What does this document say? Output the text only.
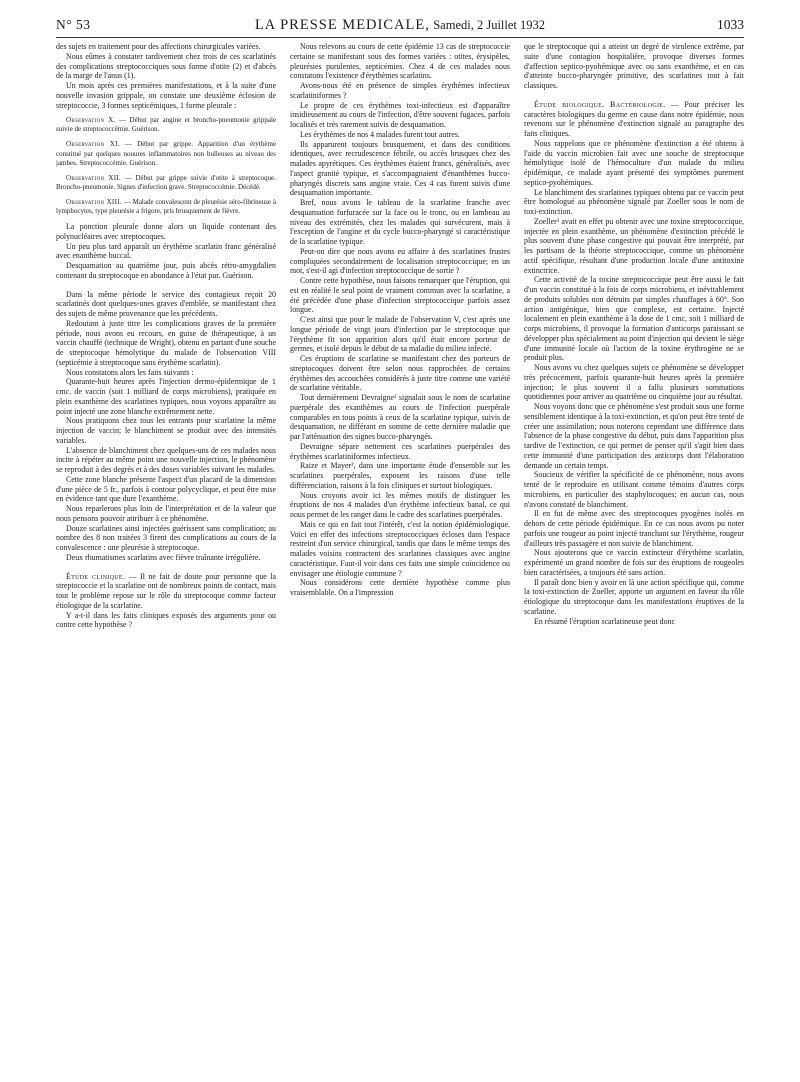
N° 53	LA PRESSE MEDICALE, Samedi, 2 Juillet 1932	1033

des sujets en traitement pour des affections chirurgicales variées.

Nous eûmes à constater tardivement chez trois de ces scarlatinés des complications streptococciques sous forme d'otite (2) et d'abcès de la marge de l'anus (1).

Un mois après ces premières manifestations, et à la suite d'une nouvelle invasion grippale, on constate une deuxième éclosion de streptococcie, 3 formes septicémiques, 1 forme pleurale :

Observation X. — Début par angine et broncho-pneumonie grippale suivie de streptococcémie. Guérison.

Observation XI. — Début par grippe. Apparition d'un érythème constitué par quelques nouures inflammatoires non bulleuses au niveau des jambes. Streptococcémie. Guérison.

Observation XII. — Début par grippe suivie d'otite à streptocoque. Broncho-pneumonie. Signes d'infection grave. Streptococcémie. Décédé.

Observation XIII. — Malade convalescent de pleurésie séro-fibrineuse à lymphocytes, type pleurésie a frigore, pris brusquement de fièvre.

La ponction pleurale donne alors un liquide contenant des polynucléaires avec streptocoques.

Un peu plus tard apparaît un érythème scarlatin franc généralisé avec enanthème buccal.

Desquamation au quatrième jour, puis abcès rétro-amygdalien contenant du streptocoque en abondance à l'état pur. Guérison.

Dans la même période le service des contagieux reçoit 20 scarlatinés dont quelques-unes graves d'emblée, se manifestant chez des sujets de même provenance que les précédents.

Redoutant à juste titre les complications graves de la première période, nous avons eu recours, en guise de thérapeutique, à un vaccin chauffé (technique de Wright), obtenu en partant d'une souche de streptocoque hémolytique du malade de l'observation VIII (septicémie à streptocoque sans érythème scarlatin).

Nous constatons alors les faits suivants :

Quarante-huit heures après l'injection dermo-épidermique de 1 cmc. de vaccin (soit 1 milliard de corps microbiens), pratiquée en plein exanthème des scarlatines typiques, nous voyons apparaître au point injecté une zone blanche extrêmement nette.

Nous pratiquons chez tous les entrants pour scarlatine la même injection de vaccin; le blanchiment se produit avec des intensités variables.

L'absence de blanchiment chez quelques-uns de ces malades nous incite à répéter au même point une nouvelle injection, le phénomène se reproduit à des degrés et à des doses variables suivant les malades.

Cette zone blanche présente l'aspect d'un placard de la dimension d'une pièce de 5 fr., parfois à contour polycyclique, et peut être mise en évidence tant que dure l'exanthème.

Nous reparlerons plus loin de l'interprétation et de la valeur que nous pensons pouvoir attribuer à ce phénomène.

Douze scarlatines ainsi injectées guérissent sans complication; au nombre des 8 non traitées 3 firent des complications au cours de la convalescence : une pleurésie à streptocoque.

Deux rhumatismes scarlatins avec fièvre traînante irrégulière.

Étude clinique. — Il ne fait de doute pour personne que la streptococcie et la scarlatine ont de nombreux points de contact, mais tout le problème repose sur le rôle du streptocoque comme facteur étiologique de la scarlatine.

Y a-t-il dans les faits cliniques exposés des arguments pour ou contre cette hypothèse ?

Nous relevons au cours de cette épidémie 13 cas de streptococcie certaine se manifestant sous des formes variées : otites, érysipèles, pleurésies purulentes, septicémies. Chez 4 de ces malades nous constatons l'existence d'érythèmes scarlatins.

Avons-nous été en présence de simples érythèmes infectieux scarlatiniformes ?

Le propre de ces érythèmes toxi-infectieux est d'apparaître insidieusement au cours de l'infection, d'être souvent fugaces, parfois localisés et très rarement suivis de desquamation.

Les érythèmes de nos 4 malades furent tout autres.

Ils apparurent toujours brusquement, et dans des conditions identiques, avec recrudescence fébrile, ou accès brusques chez des malades apyrétiques. Ces érythèmes étaient francs, généralisés, avec l'aspect granité typique, et s'accompagnaient d'énanthèmes bucco-pharyngés discrets sans angine vraie. Ces 4 cas furent suivis d'une desquamation importante.

Bref, nous avons le tableau de la scarlatine franche avec desquamation furfuracée sur la face ou le tronc, ou en lambeau au niveau des extrémités, chez les malades qui survécurent, mais à l'exception de l'angine et du cycle bucco-pharyngé si caractéristique de la scarlatine typique.

Peut-on dire que nous avons eu affaire à des scarlatines frustes compliquées secondairement de localisation streptococcique; en un mot, s'est-il agi d'infection streptococcique de sortie ?

Contre cette hypothèse, nous faisons remarquer que l'éruption, qui est en réalité le seul point de vraiment commun avec la scarlatine, a été précédée d'une phase d'infection streptococcique parfois assez longue.

C'est ainsi que pour le malade de l'observation V, c'est après une longue période de vingt jours d'infection par le streptocoque que l'érythème fit son apparition alors qu'il était encore porteur de germes, et isolé depuis le début de sa maladie du milieu infecté.

Ces éruptions de scarlatine se manifestant chez des porteurs de streptocoques doivent être selon nous rapprochées de certains érythèmes des accouchées considérés à juste titre comme une variété de scarlatine véritable.

Tout dernièrement Devraigne¹ signalait sous le nom de scarlatine puerpérale des exanthèmes au cours de l'infection puerpérale comparables en tous points à ceux de la scarlatine typique, suivis de desquamation, ne différant en somme de cette dernière maladie que par l'atténuation des signes bucco-pharyngés.

Devraigne sépare nettement ces scarlatines puerpérales des érythèmes scarlatiniformes infectieux.

Raize et Mayer², dans une importante étude d'ensemble sur les scarlatines puerpérales, exposent les raisons d'une telle différenciation, raisons à la fois cliniques et surtout biologiques.

Nous croyons avoir ici les mêmes motifs de distinguer les éruptions de nos 4 malades d'un érythème infectieux banal, ce qui nous permet de les ranger dans le cadre des scarlatines puerpérales.

Mais ce qui en fait tout l'intérêt, c'est la notion épidémiologique. Voici en effet des infections streptococciques écloses dans l'espace restreint d'un service chirurgical, tandis que dans le même temps des malades voisins contractent des scarlatines classiques avec angine caractéristique. Faut-il voir dans ces faits une simple coïncidence ou envisager une étiologie commune ?

Nous considérons cette dernière hypothèse comme plus vraisemblable. On a l'impression

que le streptocoque qui a atteint un degré de virulence extrême, par suite d'une contagion hospitalière, provoque diverses formes d'affection septico-pyohémique avec ou sans exanthème, et en cas d'atteinte bucco-pharyngée primitive, des scarlatines tout à fait classiques.

Étude biologique. Bactériologie. — Pour préciser les caractères biologiques du germe en cause dans notre épidémie, nous revenons sur le phénomène d'extinction signalé au paragraphe des faits cliniques.

Nous rappelons que ce phénomène d'extinction a été obtenu à l'aide du vaccin microbien fait avec une souche de streptocoque hémolytique isolé de l'hémoculture d'un malade du milieu épidémique, ce malade ayant présenté des symptômes purement septico-pyohémiques.

Le blanchiment des scarlatines typiques obtenu par ce vaccin peut être homologué au phénomène signalé par Zoeller sous le nom de toxi-extinction.

Zoeller³ avait en effet pu obtenir avec une toxine streptococcique, injectée en plein exanthème, un phénomène d'extinction précédé le plus souvent d'une phase congestive qui pouvait être interprété, par les partisans de la théorie streptococcique, comme un phénomène actif spécifique, résultant d'une production locale d'une antitoxine extinctrice.

Cette activité de la toxine streptococcique peut être aussi le fait d'un vaccin constitué à la fois de corps microbiens, et inévitablement de produits solubles non détruits par simples chauffages à 60°. Son action antigénique, bien que complexe, est certaine. Injecté localement en plein exanthème à la dose de 1 cmc, soit 1 milliard de corps microbiens, il provoque la formation d'anticorps paraissant se développer plus spécialement au point d'injection qui devient le siège d'une immunité locale où l'action de la toxine érythrogène ne se produit plus.

Nous avons vu chez quelques sujets ce phénomène se développer très précocement, parfois quarante-huit heures après la première injection; le plus souvent il a fallu plusieurs sommations quotidiennes pour arriver au quatrième ou cinquième jour au résultat.

Nous voyons donc que ce phénomène s'est produit sous une forme sensiblement identique à la toxi-extinction, et qu'on peut être tenté de créer une assimilation; nous noterons cependant une différence dans l'absence de la phase congestive du début, puis dans l'apparition plus tardive de l'extinction, ce qui permet de penser qu'il s'agit bien dans cette immunité d'une participation des anticorps dont l'élaboration demande un certain temps.

Soucieux de vérifier la spécificité de ce phénomène, nous avons tenté de le reproduire en utilisant comme témoins d'autres corps microbiens, en particulier des staphylocoques; en aucun cas, nous n'avons constaté de blanchiment.

Il en fut de même avec des streptocoques pyogènes isolés en dehors de cette période épidémique. En ce cas nous avons pu noter parfois une rougeur au point injecté tranchant sur l'érythème, rougeur d'ailleurs très passagère et non suivie de blanchiment.

Nous ajouterons que ce vaccin extincteur d'érythème scarlatin, expérimenté un grand nombre de fois sur des éruptions de rougeoles bien caractérisées, a toujours été sans action.

Il paraît donc bien y avoir en là une action spécifique qui, comme la toxi-extinction de Zoeller, apporte un argument en faveur du rôle étiologique du streptocoque dans les manifestations éruptives de la scarlatine.

En résumé l'éruption scarlatineuse peut donc
